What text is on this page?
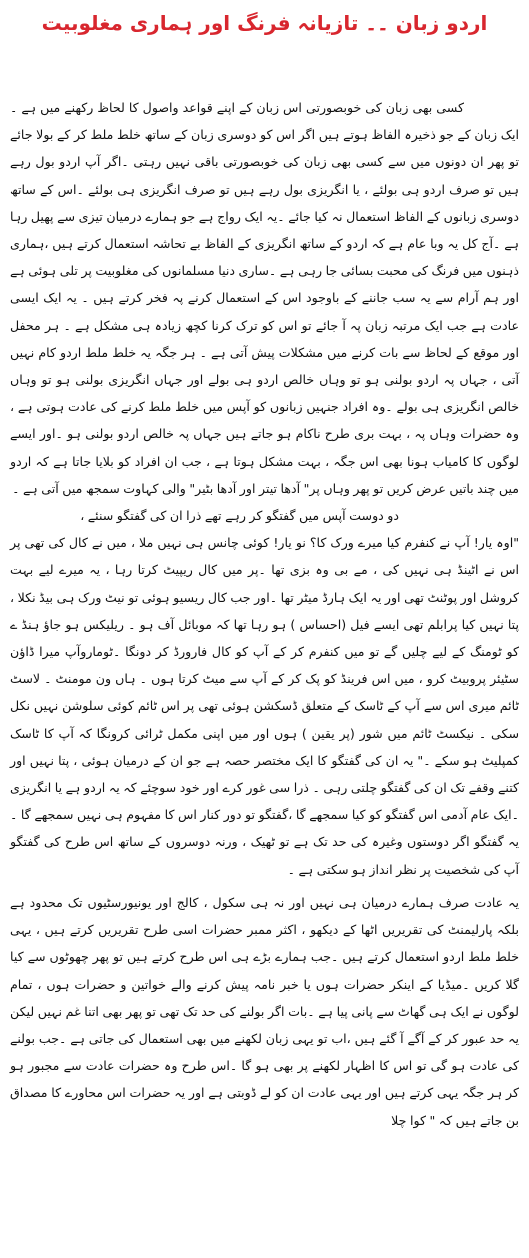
اردو زبان ۔۔ تازیانہ فرنگ اور ہماری مغلوبیت

کسی بھی زبان کی خوبصورتی اس زبان کے اپنے قواعد واصول کا لحاظ رکھنے میں ہے ۔ایک زبان کے جو ذخیرہ الفاظ ہوتے ہیں اگر اس کو دوسری زبان کے ساتھ خلط ملط کر کے بولا جائے تو پھر ان دونوں میں سے کسی بھی زبان کی خوبصورتی باقی نہیں رہتی ۔اگر آپ اردو بول رہے ہیں تو صرف اردو ہی بولئے ، یا انگریزی بول رہے ہیں تو صرف انگریزی ہی بولئے ۔اس کے ساتھ دوسری زبانوں کے الفاظ استعمال نہ کیا جائے ۔یہ ایک رواج ہے جو ہمارے درمیان تیزی سے پھیل رہا ہے ۔آج کل یہ وبا عام ہے کہ اردو کے ساتھ انگریزی کے الفاظ بے تحاشہ استعمال کرتے ہیں ،ہماری ذہنوں میں فرنگ کی محبت بسائی جا رہی ہے ۔ساری دنیا مسلمانوں کی مغلوبیت پر تلی ہوئی ہے اور ہم آرام سے یہ سب جاننے کے باوجود اس کے استعمال کرنے پہ فخر کرتے ہیں ۔ یہ ایک ایسی عادت ہے جب ایک مرتبہ زبان پہ آ جائے تو اس کو ترک کرنا کچھ زیادہ ہی مشکل ہے ۔ ہر محفل اور موقع کے لحاظ سے بات کرنے میں مشکلات پیش آتی ہے ۔ ہر جگہ یہ خلط ملط اردو کام نہیں آتی ، جہاں پہ اردو بولنی ہو تو وہاں خالص اردو ہی بولے اور جہاں انگریزی بولنی ہو تو وہاں خالص انگریزی ہی بولے ۔وہ افراد جنہیں زبانوں کو آپس میں خلط ملط کرنے کی عادت ہوتی ہے ، وہ حضرات وہاں پہ ، بہت بری طرح ناکام ہو جاتے ہیں جہاں پہ خالص اردو بولنی ہو ۔اور ایسے لوگوں کا کامیاب ہونا بھی اس جگہ ، بہت مشکل ہوتا ہے ، جب ان افراد کو بلایا جاتا ہے کہ اردو میں چند باتیں عرض کریں تو پھر وہاں پر" آدھا تیتر اور آدھا بٹیر" والی کہاوت سمجھ میں آتی ہے ۔

دو دوست آپس میں گفتگو کر رہے تھے ذرا ان کی گفتگو سنئے ،

"اوہ یار! آپ نے کنفرم کیا میرے ورک کا؟ نو یار! کوئی چانس ہی نہیں ملا ، میں نے کال کی تھی پر اس نے اٹینڈ ہی نہیں کی ، مے بی وہ بزی تھا ۔پر میں کال ریپیٹ کرتا رہا ، یہ میرے لیے بہت کروشل اور پوٹنٹ تھی اور یہ ایک ہارڈ میٹر تھا ۔اور جب کال ریسیو ہوئی تو نیٹ ورک ہی بیڈ نکلا ، پتا نہیں کیا پرابلم تھی ایسے فیل (احساس ) ہو رہا تھا کہ موبائل آف ہو ۔ ریلیکس ہو جاؤ ہنڈ ے کو ٹومنگ کے لیے چلیں گے تو میں کنفرم کر کے آپ کو کال فارورڈ کر دونگا ۔ٹوماروآپ میرا ڈاؤن سٹیئر پروبیٹ کرو ، میں اس فرینڈ کو پک کر کے آپ سے میٹ کرتا ہوں ۔ ہاں ون مومنٹ ۔ لاسٹ ٹائم میری اس سے آپ کے ٹاسک کے متعلق ڈسکشن ہوئی تھی پر اس ٹائم کوئی سلوشن نہیں نکل سکی ۔ نیکسٹ ٹائم میں شور (پر یقین ) ہوں اور میں اپنی مکمل ٹرائی کرونگا کہ آپ کا ٹاسک کمپلیٹ ہو سکے ۔" یہ ان کی گفتگو کا ایک مختصر حصہ ہے جو ان کے درمیان ہوئی ، پتا نہیں اور کتنے وقفے تک ان کی گفتگو چلتی رہی ۔ ذرا سی غور کرے اور خود سوچئے کہ یہ اردو ہے یا انگریزی ۔ایک عام آدمی اس گفتگو کو کیا سمجھے گا ،گفتگو تو دور کنار اس کا مفہوم ہی نہیں سمجھے گا ۔یہ گفتگو اگر دوستوں وغیرہ کی حد تک ہے تو ٹھیک ، ورنہ دوسروں کے ساتھ اس طرح کی گفتگو آپ کی شخصیت پر نظر انداز ہو سکتی ہے ۔

یہ عادت صرف ہمارے درمیان ہی نہیں اور نہ ہی سکول ، کالج اور یونیورسٹیوں تک محدود ہے بلکہ پارلیمنٹ کی تقریریں اٹھا کے دیکھو ، اکثر ممبر حضرات اسی طرح تقریریں کرتے ہیں ، یہی خلط ملط اردو استعمال کرتے ہیں ۔جب ہمارے بڑے ہی اس طرح کرتے ہیں تو پھر چھوٹوں سے کیا گلا کریں ۔میڈیا کے اینکر حضرات ہوں یا خبر نامہ پیش کرنے والے خواتین و حضرات ہوں ، تمام لوگوں نے ایک ہی گھاٹ سے پانی پیا ہے ۔بات اگر بولنے کی حد تک تھی تو پھر بھی اتنا غم نہیں لیکن یہ حد عبور کر کے آگے آ گئے ہیں ،اب تو یہی زبان لکھنے میں بھی استعمال کی جاتی ہے ۔جب بولنے کی عادت ہو گی تو اس کا اظہار لکھنے پر بھی ہو گا ۔اس طرح وہ حضرات عادت سے مجبور ہو کر ہر جگہ یہی کرتے ہیں اور یہی عادت ان کو لے ڈوبتی ہے اور یہ حضرات اس محاورے کا مصداق بن جاتے ہیں کہ " کوا چلا
